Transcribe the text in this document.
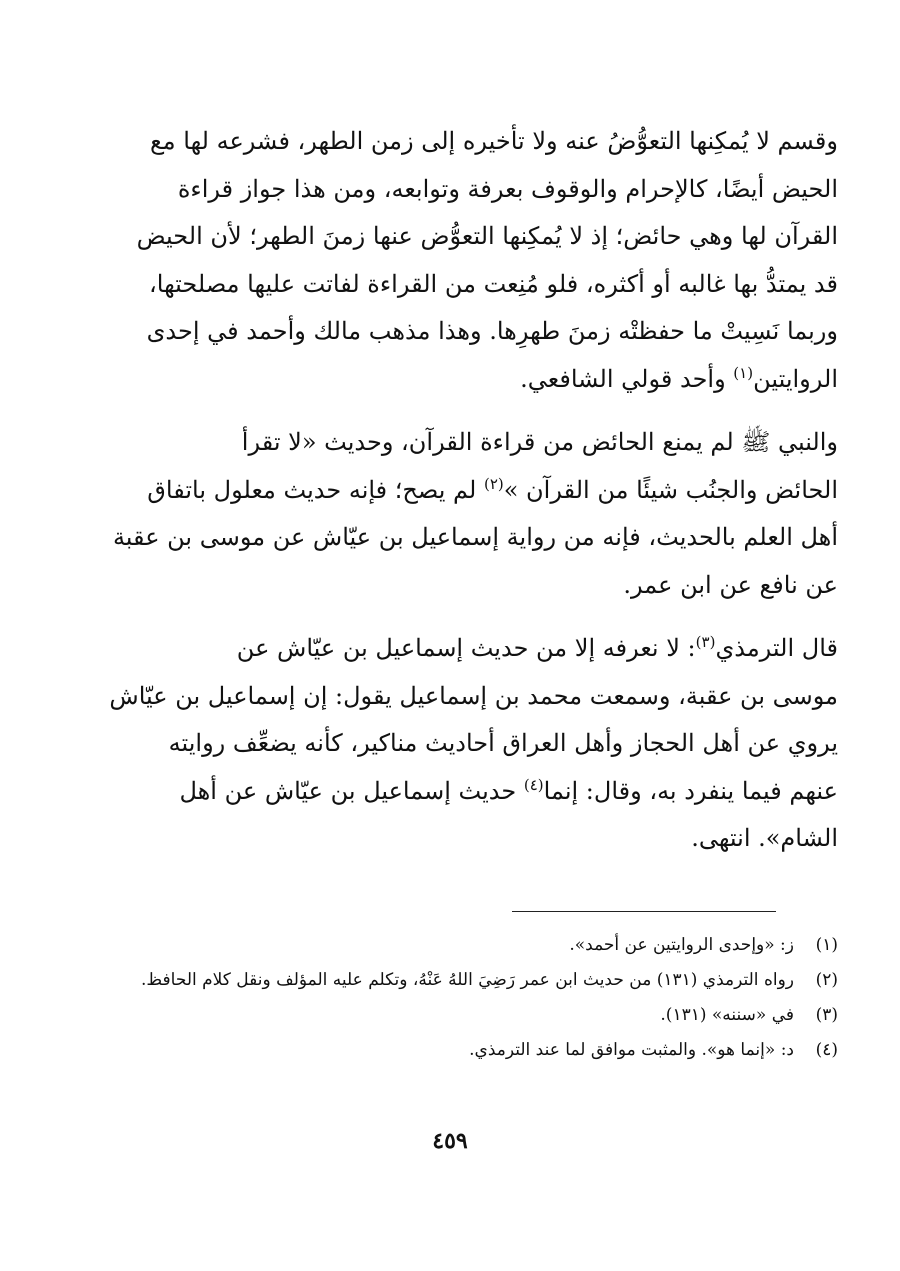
وقسم لا يُمكِنها التعوُّضُ عنه ولا تأخيره إلى زمن الطهر، فشرعه لها مع
الحيض أيضًا، كالإحرام والوقوف بعرفة وتوابعه، ومن هذا جواز قراءة
القرآن لها وهي حائض؛ إذ لا يُمكِنها التعوُّض عنها زمنَ الطهر؛ لأن الحيض
قد يمتدُّ بها غالبه أو أكثره، فلو مُنِعت من القراءة لفاتت عليها مصلحتها،
وربما نَسِيتْ ما حفظتْه زمنَ طهرِها. وهذا مذهب مالك وأحمد في إحدى
الروايتين$^{(١)}$ وأحد قولي الشافعي.

والنبي ﷺ لم يمنع الحائض من قراءة القرآن، وحديث «لا تقرأ
الحائض والجنُب شيئًا من القرآن »$^{(٢)}$ لم يصح؛ فإنه حديث معلول باتفاق
أهل العلم بالحديث، فإنه من رواية إسماعيل بن عيّاش عن موسى بن عقبة
عن نافع عن ابن عمر.

قال الترمذي$^{(٣)}$: لا نعرفه إلا من حديث إسماعيل بن عيّاش عن
موسى بن عقبة، وسمعت محمد بن إسماعيل يقول: إن إسماعيل بن عيّاش
يروي عن أهل الحجاز وأهل العراق أحاديث مناكير، كأنه يضعِّف روايته
عنهم فيما ينفرد به، وقال: إنما$^{(٤)}$ حديث إسماعيل بن عيّاش عن أهل
الشام». انتهى.

(١)
ز: «وإحدى الروايتين عن أحمد».
(٢)
رواه الترمذي (١٣١) من حديث ابن عمر رَضِيَ اللهُ عَنْهُ، وتكلم عليه المؤلف ونقل كلام الحافظ.
(٣)
في «سننه» (١٣١).
(٤)
د: «إنما هو». والمثبت موافق لما عند الترمذي.
٤٥٩
